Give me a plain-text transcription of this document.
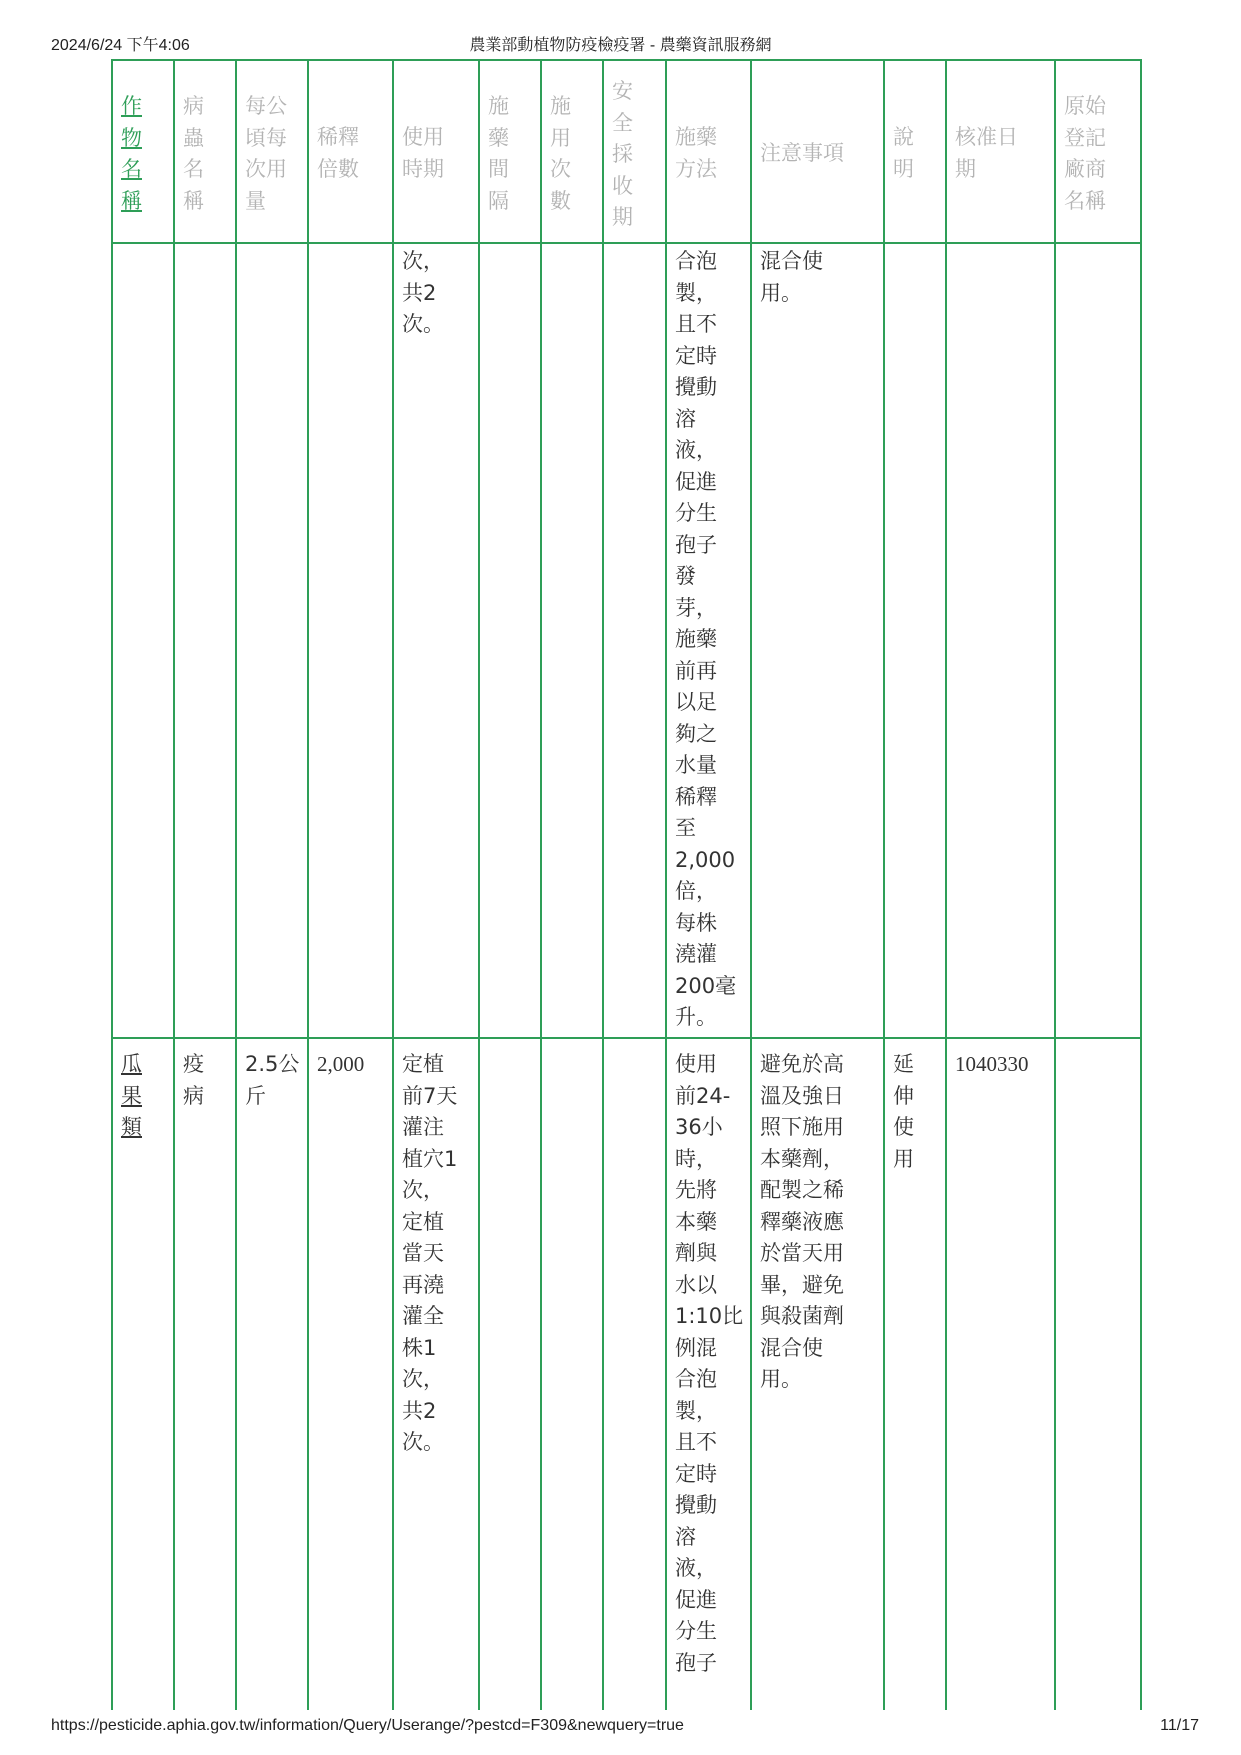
2024/6/24 下午4:06	農業部動植物防疫檢疫署 - 農藥資訊服務網
作
物
名
稱
病
蟲
名
稱
每公
頃每
次用
量
稀釋
倍數
使用
時期
施
藥
間
隔
施
用
次
數
安
全
採
收
期
施藥
方法
注意事項
說
明
核准日
期
原始
登記
廠商
名稱
次，
共2
次。
合泡
製，
且不
定時
攪動
溶
液，
促進
分生
孢子
發
芽，
施藥
前再
以足
夠之
水量
稀釋
至
2,000
倍，
每株
澆灌
200毫
升。
混合使
用。
瓜
果
類
疫
病
2.5公
斤
2,000 定植
前7天
灌注
植穴1
次，
定植
當天
再澆
灌全
株1
次，
共2
次。
使用
前24-
36小
時，
先將
本藥
劑與
水以
1:10比
例混
合泡
製，
且不
定時
攪動
溶
液，
促進
分生
孢子
避免於高
溫及強日
照下施用
本藥劑，
配製之稀
釋藥液應
於當天用
畢，避免
與殺菌劑
混合使
用。
延
伸
使
用
1040330
https://pesticide.aphia.gov.tw/information/Query/Userange/?pestcd=F309&newquery=true	11/17
